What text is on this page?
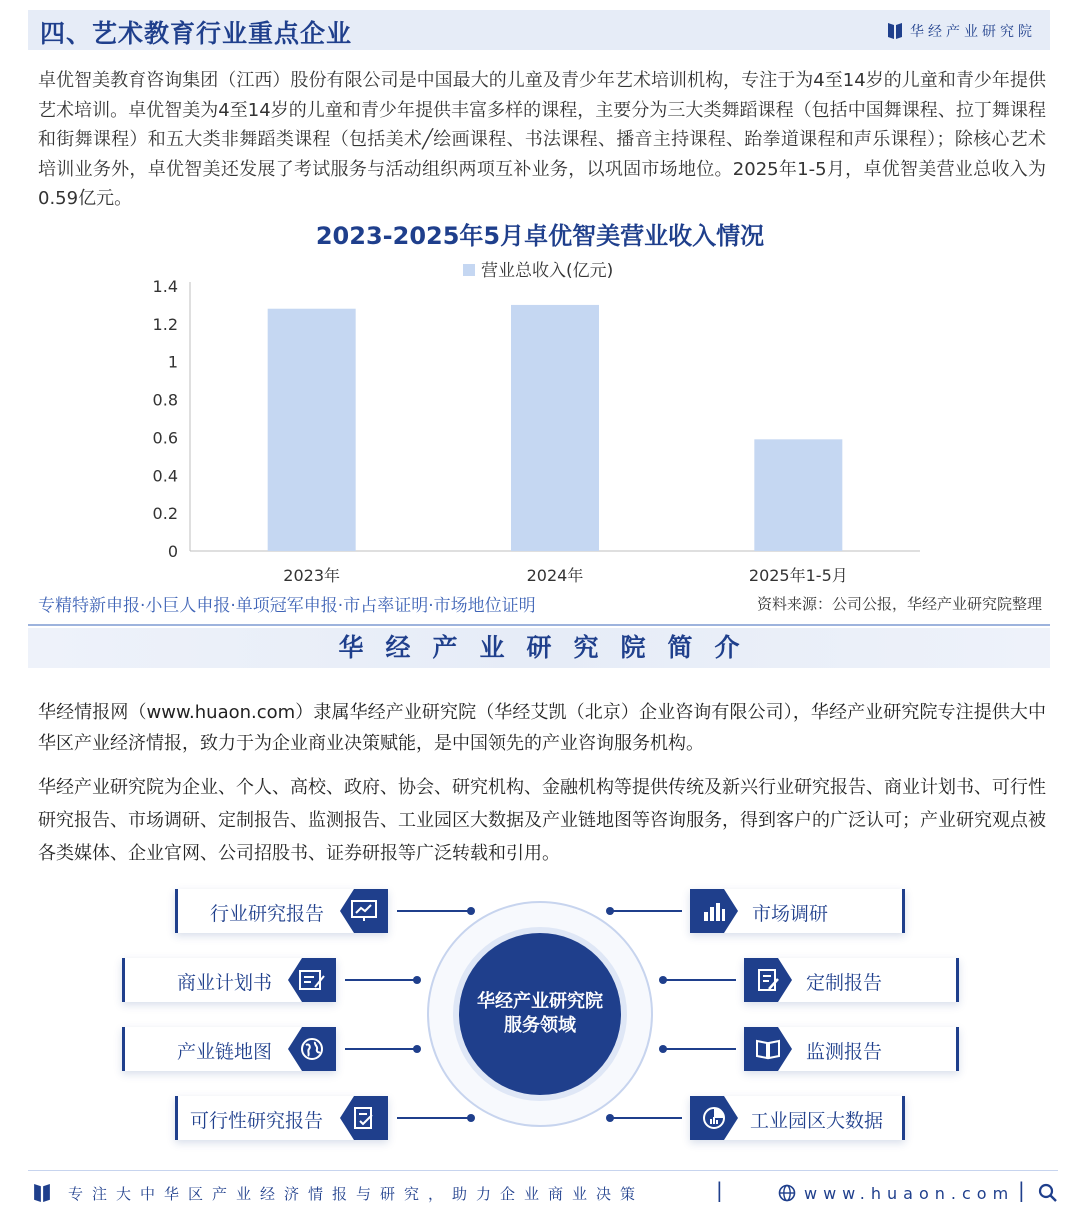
四、艺术教育行业重点企业	华经产业研究院
卓优智美教育咨询集团（江西）股份有限公司是中国最大的儿童及青少年艺术培训机构，专注于为4至14岁的儿童和青少年提供艺术培训。卓优智美为4至14岁的儿童和青少年提供丰富多样的课程，主要分为三大类舞蹈课程（包括中国舞课程、拉丁舞课程和街舞课程）和五大类非舞蹈类课程（包括美术╱绘画课程、书法课程、播音主持课程、跆拳道课程和声乐课程）；除核心艺术培训业务外，卓优智美还发展了考试服务与活动组织两项互补业务，以巩固市场地位。2025年1-5月，卓优智美营业总收入为0.59亿元。
2023-2025年5月卓优智美营业收入情况
营业总收入(亿元)
0
0.2
0.4
0.6
0.8
1
1.2
1.4
2023年	2024年	2025年1-5月
专精特新申报·小巨人申报·单项冠军申报·市占率证明·市场地位证明	资料来源：公司公报，华经产业研究院整理
华经产业研究院简介
华经情报网（www.huaon.com）隶属华经产业研究院（华经艾凯（北京）企业咨询有限公司），华经产业研究院专注提供大中华区产业经济情报，致力于为企业商业决策赋能，是中国领先的产业咨询服务机构。
华经产业研究院为企业、个人、高校、政府、协会、研究机构、金融机构等提供传统及新兴行业研究报告、商业计划书、可行性研究报告、市场调研、定制报告、监测报告、工业园区大数据及产业链地图等咨询服务，得到客户的广泛认可；产业研究观点被各类媒体、企业官网、公司招股书、证券研报等广泛转载和引用。
华经产业研究院
服务领域
行业研究报告
商业计划书
产业链地图
可行性研究报告
市场调研
定制报告
监测报告
工业园区大数据
专注大中华区产业经济情报与研究，助力企业商业决策	|	www.huaon.com |
